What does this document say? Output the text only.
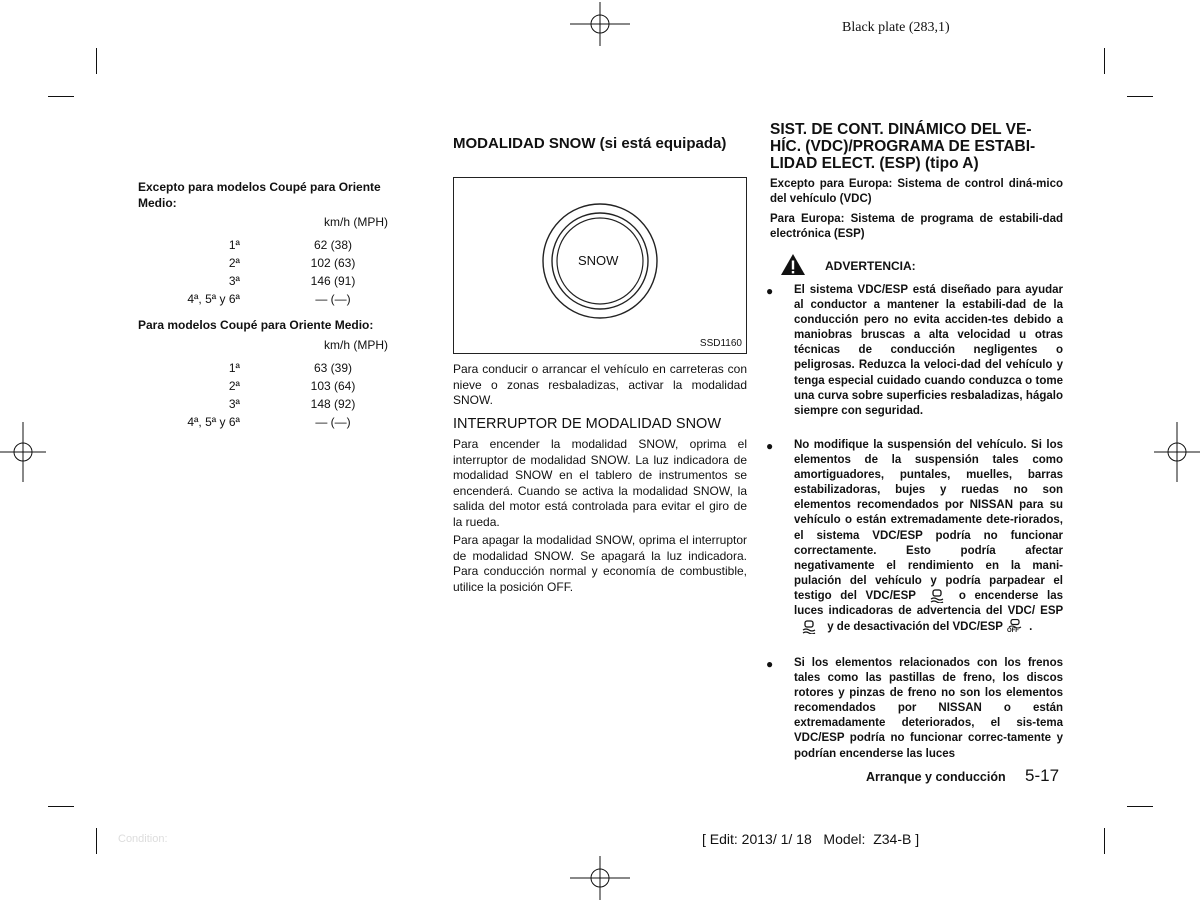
Black plate (283,1)
Excepto para modelos Coupé para Oriente Medio:
km/h (MPH)
1ª	62 (38)
2ª	102 (63)
3ª	146 (91)
4ª, 5ª y 6ª	— (—)
Para modelos Coupé para Oriente Medio:
km/h (MPH)
1ª	63 (39)
2ª	103 (64)
3ª	148 (92)
4ª, 5ª y 6ª	— (—)
MODALIDAD SNOW (si está equipada)
SNOW
SSD1160
Para conducir o arrancar el vehículo en carreteras con nieve o zonas resbaladizas, activar la modalidad SNOW.
INTERRUPTOR DE MODALIDAD SNOW
Para encender la modalidad SNOW, oprima el interruptor de modalidad SNOW. La luz indicadora de modalidad SNOW en el tablero de instrumentos se encenderá. Cuando se activa la modalidad SNOW, la salida del motor está controlada para evitar el giro de la rueda.
Para apagar la modalidad SNOW, oprima el interruptor de modalidad SNOW. Se apagará la luz indicadora. Para conducción normal y economía de combustible, utilice la posición OFF.
SIST. DE CONT. DINÁMICO DEL VE-HÍC. (VDC)/PROGRAMA DE ESTABI-LIDAD ELECT. (ESP) (tipo A)
Excepto para Europa: Sistema de control diná-mico del vehículo (VDC)
Para Europa: Sistema de programa de estabili-dad electrónica (ESP)
ADVERTENCIA:
● El sistema VDC/ESP está diseñado para ayudar al conductor a mantener la estabili-dad de la conducción pero no evita acciden-tes debido a maniobras bruscas a alta velocidad u otras técnicas de conducción negligentes o peligrosas. Reduzca la veloci-dad del vehículo y tenga especial cuidado cuando conduzca o tome una curva sobre superficies resbaladizas, hágalo siempre con seguridad.
● No modifique la suspensión del vehículo. Si los elementos de la suspensión tales como amortiguadores, puntales, muelles, barras estabilizadoras, bujes y ruedas no son elementos recomendados por NISSAN para su vehículo o están extremadamente dete-riorados, el sistema VDC/ESP podría no funcionar correctamente. Esto podría afectar negativamente el rendimiento en la mani-pulación del vehículo y podría parpadear el testigo del VDC/ESP	o encenderse las luces indicadoras de advertencia del VDC/ ESP  y de desactivación del VDC/ESP OFF .
● Si los elementos relacionados con los frenos tales como las pastillas de freno, los discos rotores y pinzas de freno no son los elementos recomendados por NISSAN o están extremadamente deteriorados, el sis-tema VDC/ESP podría no funcionar correc-tamente y podrían encenderse las luces
Arranque y conducción 5-17
Condition:	[ Edit: 2013/ 1/ 18   Model:  Z34-B ]
